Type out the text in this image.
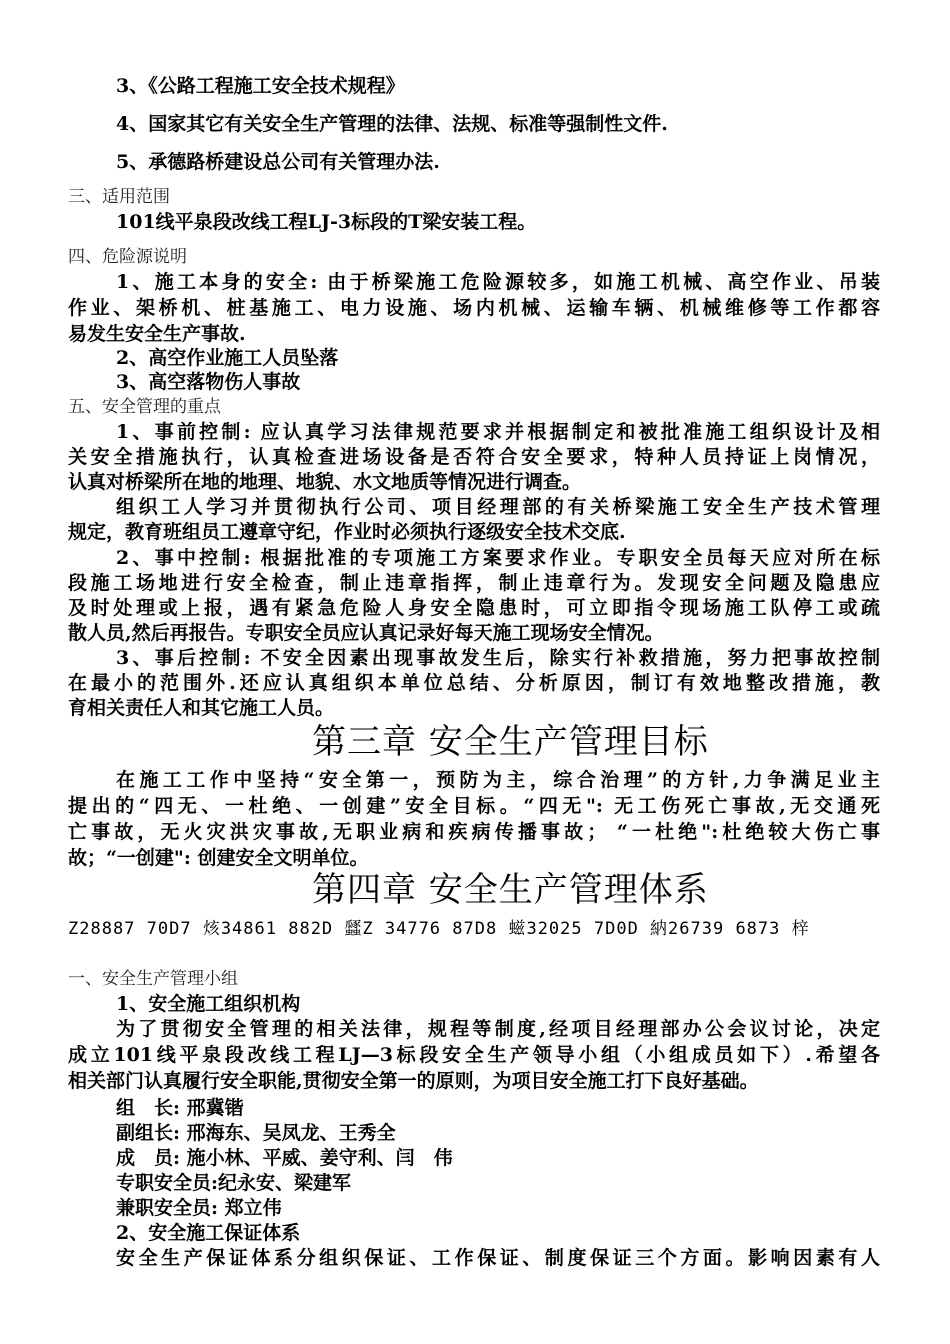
3、《公路工程施工安全技术规程》
4、国家其它有关安全生产管理的法律、法规、标准等强制性文件.
5、承德路桥建设总公司有关管理办法.
三、适用范围
101线平泉段改线工程LJ-3标段的T梁安装工程。
四、危险源说明
1、施工本身的安全: 由于桥梁施工危险源较多，如施工机械、高空作业、吊装
作业、架桥机、桩基施工、电力设施、场内机械、运输车辆、机械维修等工作都容
易发生安全生产事故.
2、高空作业施工人员坠落
3、高空落物伤人事故
五、安全管理的重点
1、事前控制: 应认真学习法律规范要求并根据制定和被批准施工组织设计及相
关安全措施执行，认真检查进场设备是否符合安全要求，特种人员持证上岗情况，
认真对桥梁所在地的地理、地貌、水文地质等情况进行调查。
组织工人学习并贯彻执行公司、项目经理部的有关桥梁施工安全生产技术管理
规定，教育班组员工遵章守纪，作业时必须执行逐级安全技术交底.
2、事中控制: 根据批准的专项施工方案要求作业。专职安全员每天应对所在标
段施工场地进行安全检查，制止违章指挥，制止违章行为。发现安全问题及隐患应
及时处理或上报，遇有紧急危险人身安全隐患时，可立即指令现场施工队停工或疏
散人员,然后再报告。专职安全员应认真记录好每天施工现场安全情况。
3、事后控制: 不安全因素出现事故发生后，除实行补救措施，努力把事故控制
在最小的范围外.还应认真组织本单位总结、分析原因，制订有效地整改措施，教
育相关责任人和其它施工人员。
第三章 安全生产管理目标
在施工工作中坚持“安全第一，预防为主，综合治理”的方针,力争满足业主
提出的“四无、一杜绝、一创建”安全目标。“四无": 无工伤死亡事故,无交通死
亡事故，无火灾洪灾事故,无职业病和疾病传播事故； “一杜绝":杜绝较大伤亡事
故；“一创建": 创建安全文明单位。
第四章 安全生产管理体系
Z28887 70D7 烗34861 882D 瓥Z 34776 87D8 螆32025 7D0D 納26739 6873 梓
一、安全生产管理小组
1、安全施工组织机构
为了贯彻安全管理的相关法律，规程等制度,经项目经理部办公会议讨论，决定
成立101线平泉段改线工程LJ—3标段安全生产领导小组（小组成员如下）.希望各
相关部门认真履行安全职能,贯彻安全第一的原则，为项目安全施工打下良好基础。
组　长: 邢冀锴
副组长: 邢海东、吴凤龙、王秀全
成　员: 施小林、平威、姜守利、闫　伟
专职安全员:纪永安、梁建军
兼职安全员: 郑立伟
2、安全施工保证体系
安全生产保证体系分组织保证、工作保证、制度保证三个方面。影响因素有人
